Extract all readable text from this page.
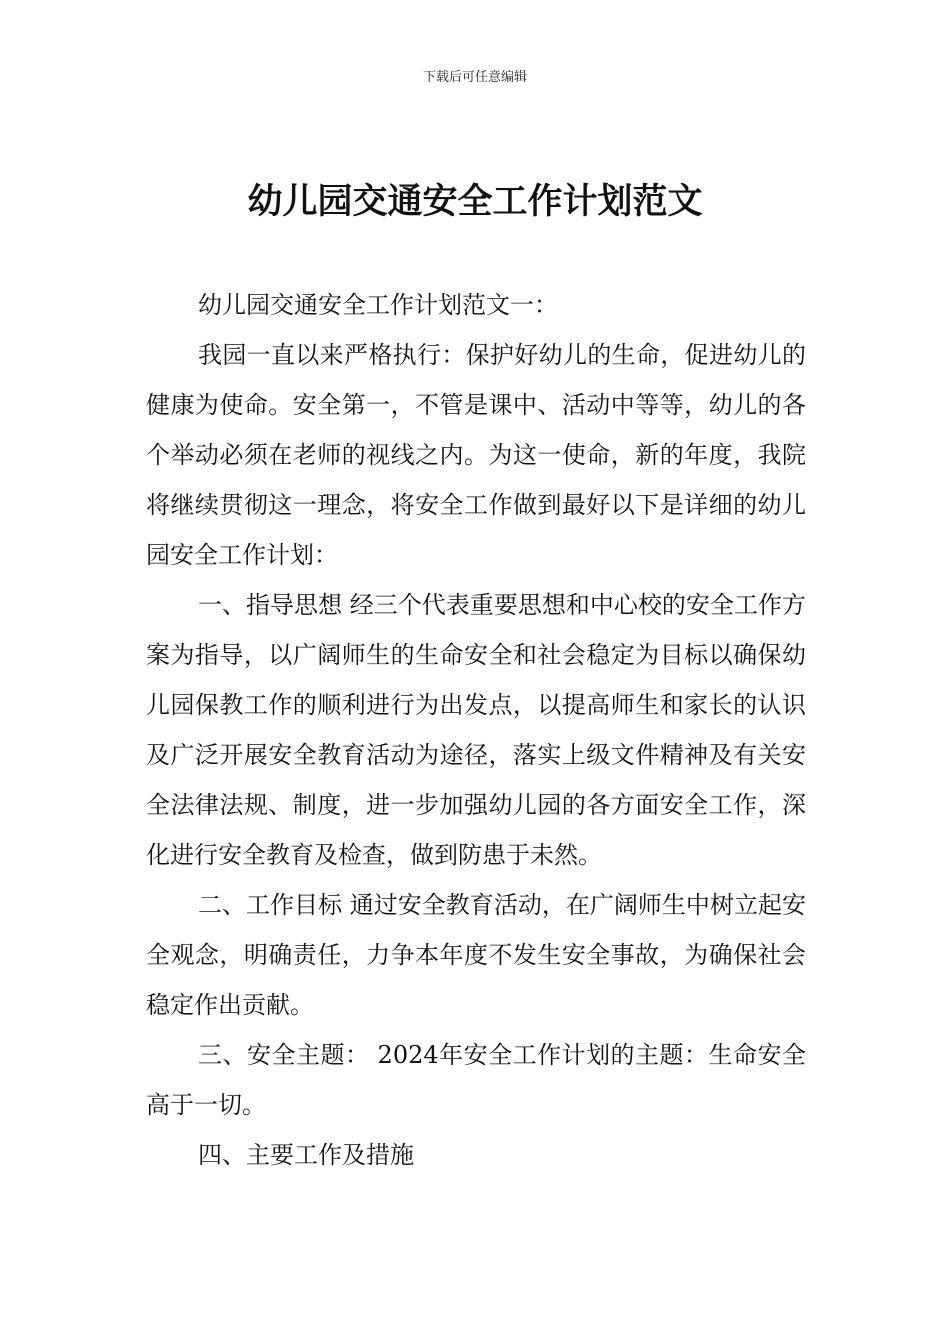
下载后可任意编辑
幼儿园交通安全工作计划范文

幼儿园交通安全工作计划范文一：

我园一直以来严格执行：保护好幼儿的生命，促进幼儿的健康为使命。安全第一，不管是课中、活动中等等，幼儿的各个举动必须在老师的视线之内。为这一使命，新的年度，我院将继续贯彻这一理念，将安全工作做到最好以下是详细的幼儿园安全工作计划：

一、指导思想 经三个代表重要思想和中心校的安全工作方案为指导，以广阔师生的生命安全和社会稳定为目标以确保幼儿园保教工作的顺利进行为出发点，以提高师生和家长的认识及广泛开展安全教育活动为途径，落实上级文件精神及有关安全法律法规、制度，进一步加强幼儿园的各方面安全工作，深化进行安全教育及检查，做到防患于未然。

二、工作目标 通过安全教育活动，在广阔师生中树立起安全观念，明确责任，力争本年度不发生安全事故，为确保社会稳定作出贡献。

三、安全主题： 2024年安全工作计划的主题：生命安全高于一切。

四、主要工作及措施
